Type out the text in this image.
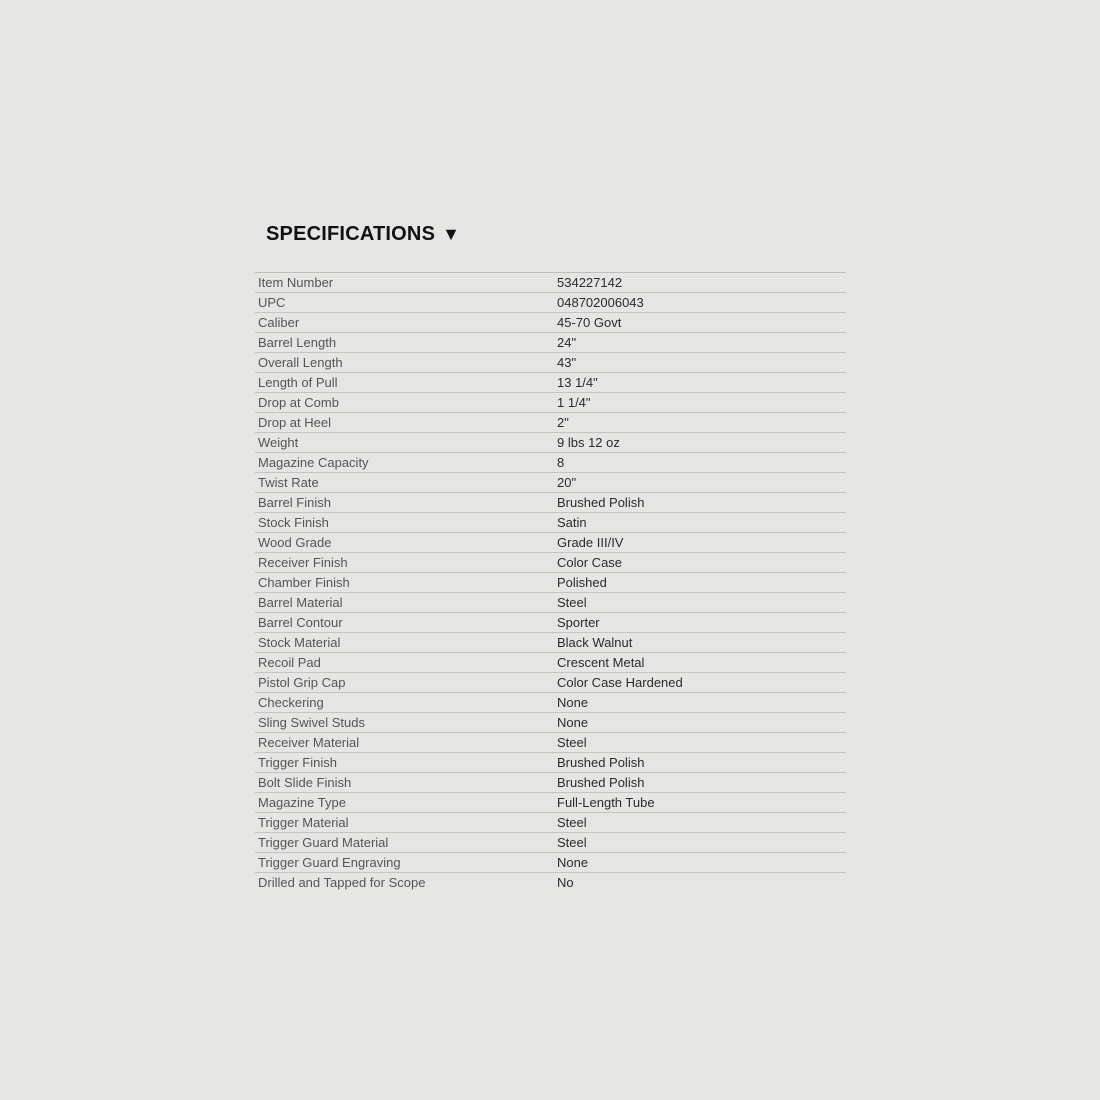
SPECIFICATIONS ▼
Item Number	534227142
UPC	048702006043
Caliber	45-70 Govt
Barrel Length	24"
Overall Length	43"
Length of Pull	13 1/4"
Drop at Comb	1 1/4"
Drop at Heel	2"
Weight	9 lbs 12 oz
Magazine Capacity	8
Twist Rate	20"
Barrel Finish	Brushed Polish
Stock Finish	Satin
Wood Grade	Grade III/IV
Receiver Finish	Color Case
Chamber Finish	Polished
Barrel Material	Steel
Barrel Contour	Sporter
Stock Material	Black Walnut
Recoil Pad	Crescent Metal
Pistol Grip Cap	Color Case Hardened
Checkering	None
Sling Swivel Studs	None
Receiver Material	Steel
Trigger Finish	Brushed Polish
Bolt Slide Finish	Brushed Polish
Magazine Type	Full-Length Tube
Trigger Material	Steel
Trigger Guard Material	Steel
Trigger Guard Engraving	None
Drilled and Tapped for Scope	No
